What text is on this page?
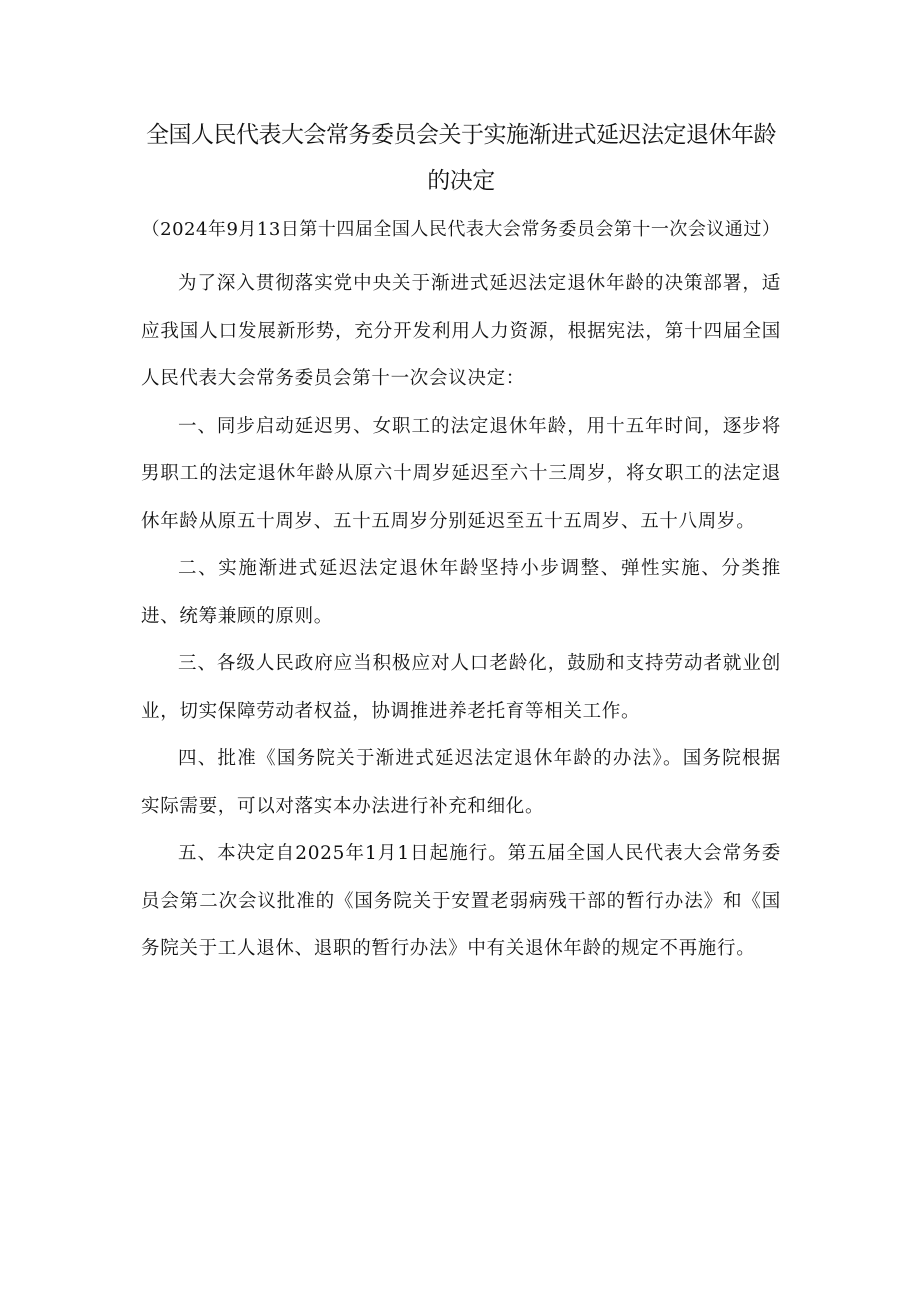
全国人民代表大会常务委员会关于实施渐进式延迟法定退休年龄的决定

（2024年9月13日第十四届全国人民代表大会常务委员会第十一次会议通过）

为了深入贯彻落实党中央关于渐进式延迟法定退休年龄的决策部署，适应我国人口发展新形势，充分开发利用人力资源，根据宪法，第十四届全国人民代表大会常务委员会第十一次会议决定：

一、同步启动延迟男、女职工的法定退休年龄，用十五年时间，逐步将男职工的法定退休年龄从原六十周岁延迟至六十三周岁，将女职工的法定退休年龄从原五十周岁、五十五周岁分别延迟至五十五周岁、五十八周岁。

二、实施渐进式延迟法定退休年龄坚持小步调整、弹性实施、分类推进、统筹兼顾的原则。

三、各级人民政府应当积极应对人口老龄化，鼓励和支持劳动者就业创业，切实保障劳动者权益，协调推进养老托育等相关工作。

四、批准《国务院关于渐进式延迟法定退休年龄的办法》。国务院根据实际需要，可以对落实本办法进行补充和细化。

五、本决定自2025年1月1日起施行。第五届全国人民代表大会常务委员会第二次会议批准的《国务院关于安置老弱病残干部的暂行办法》和《国务院关于工人退休、退职的暂行办法》中有关退休年龄的规定不再施行。
